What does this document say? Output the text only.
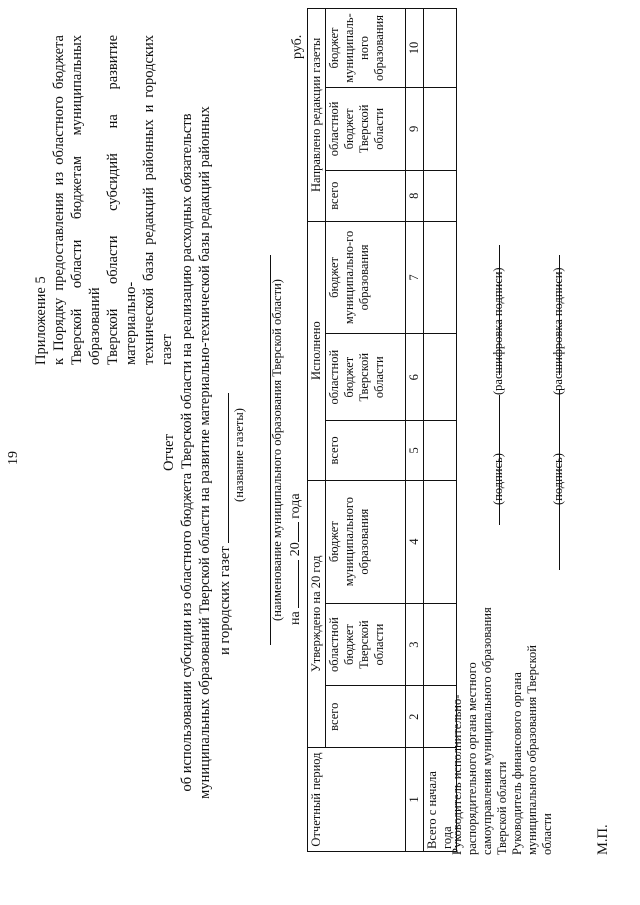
19
Приложение 5 к Порядку предоставления из областного бюджета Тверской области бюджетам муниципальных образований Тверской области субсидий на развитие материально- технической базы редакций районных и городских газет
Отчет об использовании субсидии из областного бюджета Тверской области на реализацию расходных обязательств муниципальных образований Тверской области на развитие материально-технической базы редакций районных и городских газет
(название газеты) (наименование муниципального образования Тверской области) на  20 года
руб.
Отчетный период	Утверждено на 20 год			Исполнено			Направлено редакции газеты		
	всего	областной бюджет Тверской области	бюджет муниципального образования	всего	областной бюджет Тверской области	бюджет муниципально-го образования	всего	областной бюджет Тверской области	бюджет муниципаль-ного образования
1	2	3	4	5	6	7	8	9	10
Всего с начала года									
Руководитель исполнительно-распорядительного органа местного самоуправления муниципального образования Тверской области
(подпись)
(расшифровка подписи)
Руководитель финансового органа муниципального образования Тверской области
(подпись)
(расшифровка подписи)
М.П.
